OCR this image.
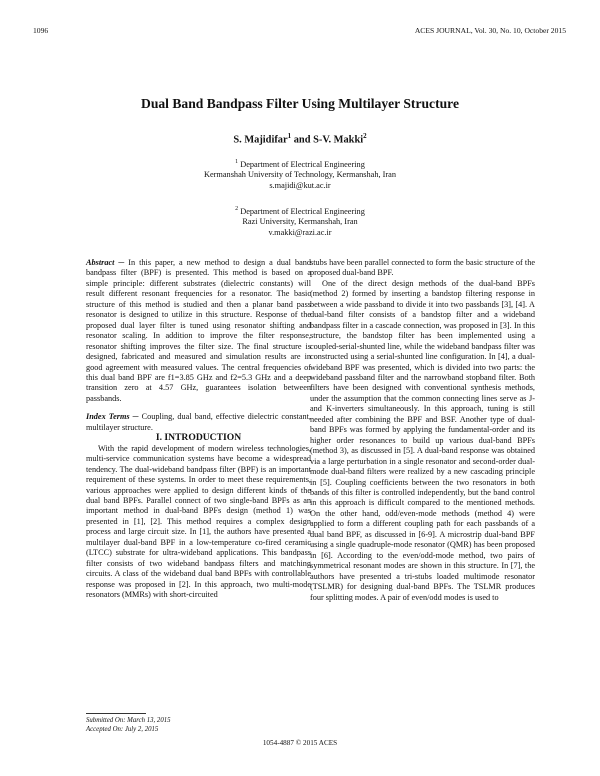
1096	ACES JOURNAL, Vol. 30, No. 10, October 2015
Dual Band Bandpass Filter Using Multilayer Structure
S. Majidifar$^1$ and S-V. Makki$^2$
$^1$ Department of Electrical Engineering
Kermanshah University of Technology, Kermanshah, Iran
s.majidi@kut.ac.ir
$^2$ Department of Electrical Engineering
Razi University, Kermanshah, Iran
v.makki@razi.ac.ir

Abstract ─ In this paper, a new method to design a dual band bandpass filter (BPF) is presented. This method is based on a simple principle: different substrates (dielectric constants) will result different resonant frequencies for a resonator. The basic structure of this method is studied and then a planar band pass resonator is designed to utilize in this structure. Response of the proposed dual layer filter is tuned using resonator shifting and resonator scaling. In addition to improve the filter response, resonator shifting improves the filter size. The final structure is designed, fabricated and measured and simulation results are in good agreement with measured values. The central frequencies of this dual band BPF are f1=3.85 GHz and f2=5.3 GHz and a deep transition zero at 4.57 GHz, guarantees isolation between passbands.

Index Terms ─ Coupling, dual band, effective dielectric constant, multilayer structure.

I. INTRODUCTION

With the rapid development of modern wireless technologies, multi-service communication systems have become a widespread tendency. The dual-wideband bandpass filter (BPF) is an important requirement of these systems. In order to meet these requirements, various approaches were applied to design different kinds of the dual band BPFs. Parallel connect of two single-band BPFs as an important method in dual-band BPFs design (method 1) was presented in [1], [2]. This method requires a complex design process and large circuit size. In [1], the authors have presented a multilayer dual-band BPF in a low-temperature co-fired ceramic (LTCC) substrate for ultra-wideband applications. This bandpass filter consists of two wideband bandpass filters and matching circuits. A class of the wideband dual band BPFs with controllable response was proposed in [2]. In this approach, two multi-mode resonators (MMRs) with short-circuited

stubs have been parallel connected to form the basic structure of the proposed dual-band BPF.

One of the direct design methods of the dual-band BPFs (method 2) formed by inserting a bandstop filtering response in between a wide passband to divide it into two passbands [3], [4]. A dual-band filter consists of a bandstop filter and a wideband bandpass filter in a cascade connection, was proposed in [3]. In this structure, the bandstop filter has been implemented using a coupled-serial-shunted line, while the wideband bandpass filter was constructed using a serial-shunted line configuration. In [4], a dual-wideband BPF was presented, which is divided into two parts: the wideband passband filter and the narrowband stopband filter. Both filters have been designed with conventional synthesis methods, under the assumption that the common connecting lines serve as J- and K-inverters simultaneously. In this approach, tuning is still needed after combining the BPF and BSF. Another type of dual-band BPFs was formed by applying the fundamental-order and its higher order resonances to build up various dual-band BPFs (method 3), as discussed in [5]. A dual-band response was obtained via a large perturbation in a single resonator and second-order dual-mode dual-band filters were realized by a new cascading principle in [5]. Coupling coefficients between the two resonators in both bands of this filter is controlled independently, but the band control in this approach is difficult compared to the mentioned methods. On the other hand, odd/even-mode methods (method 4) were applied to form a different coupling path for each passbands of a dual band BPF, as discussed in [6-9]. A microstrip dual-band BPF using a single quadruple-mode resonator (QMR) has been proposed in [6]. According to the even/odd-mode method, two pairs of symmetrical resonant modes are shown in this structure. In [7], the authors have presented a tri-stubs loaded multimode resonator (TSLMR) for designing dual-band BPFs. The TSLMR produces four splitting modes. A pair of even/odd modes is used to

Submitted On: March 13, 2015
Accepted On: July 2, 2015
1054-4887 © 2015 ACES
